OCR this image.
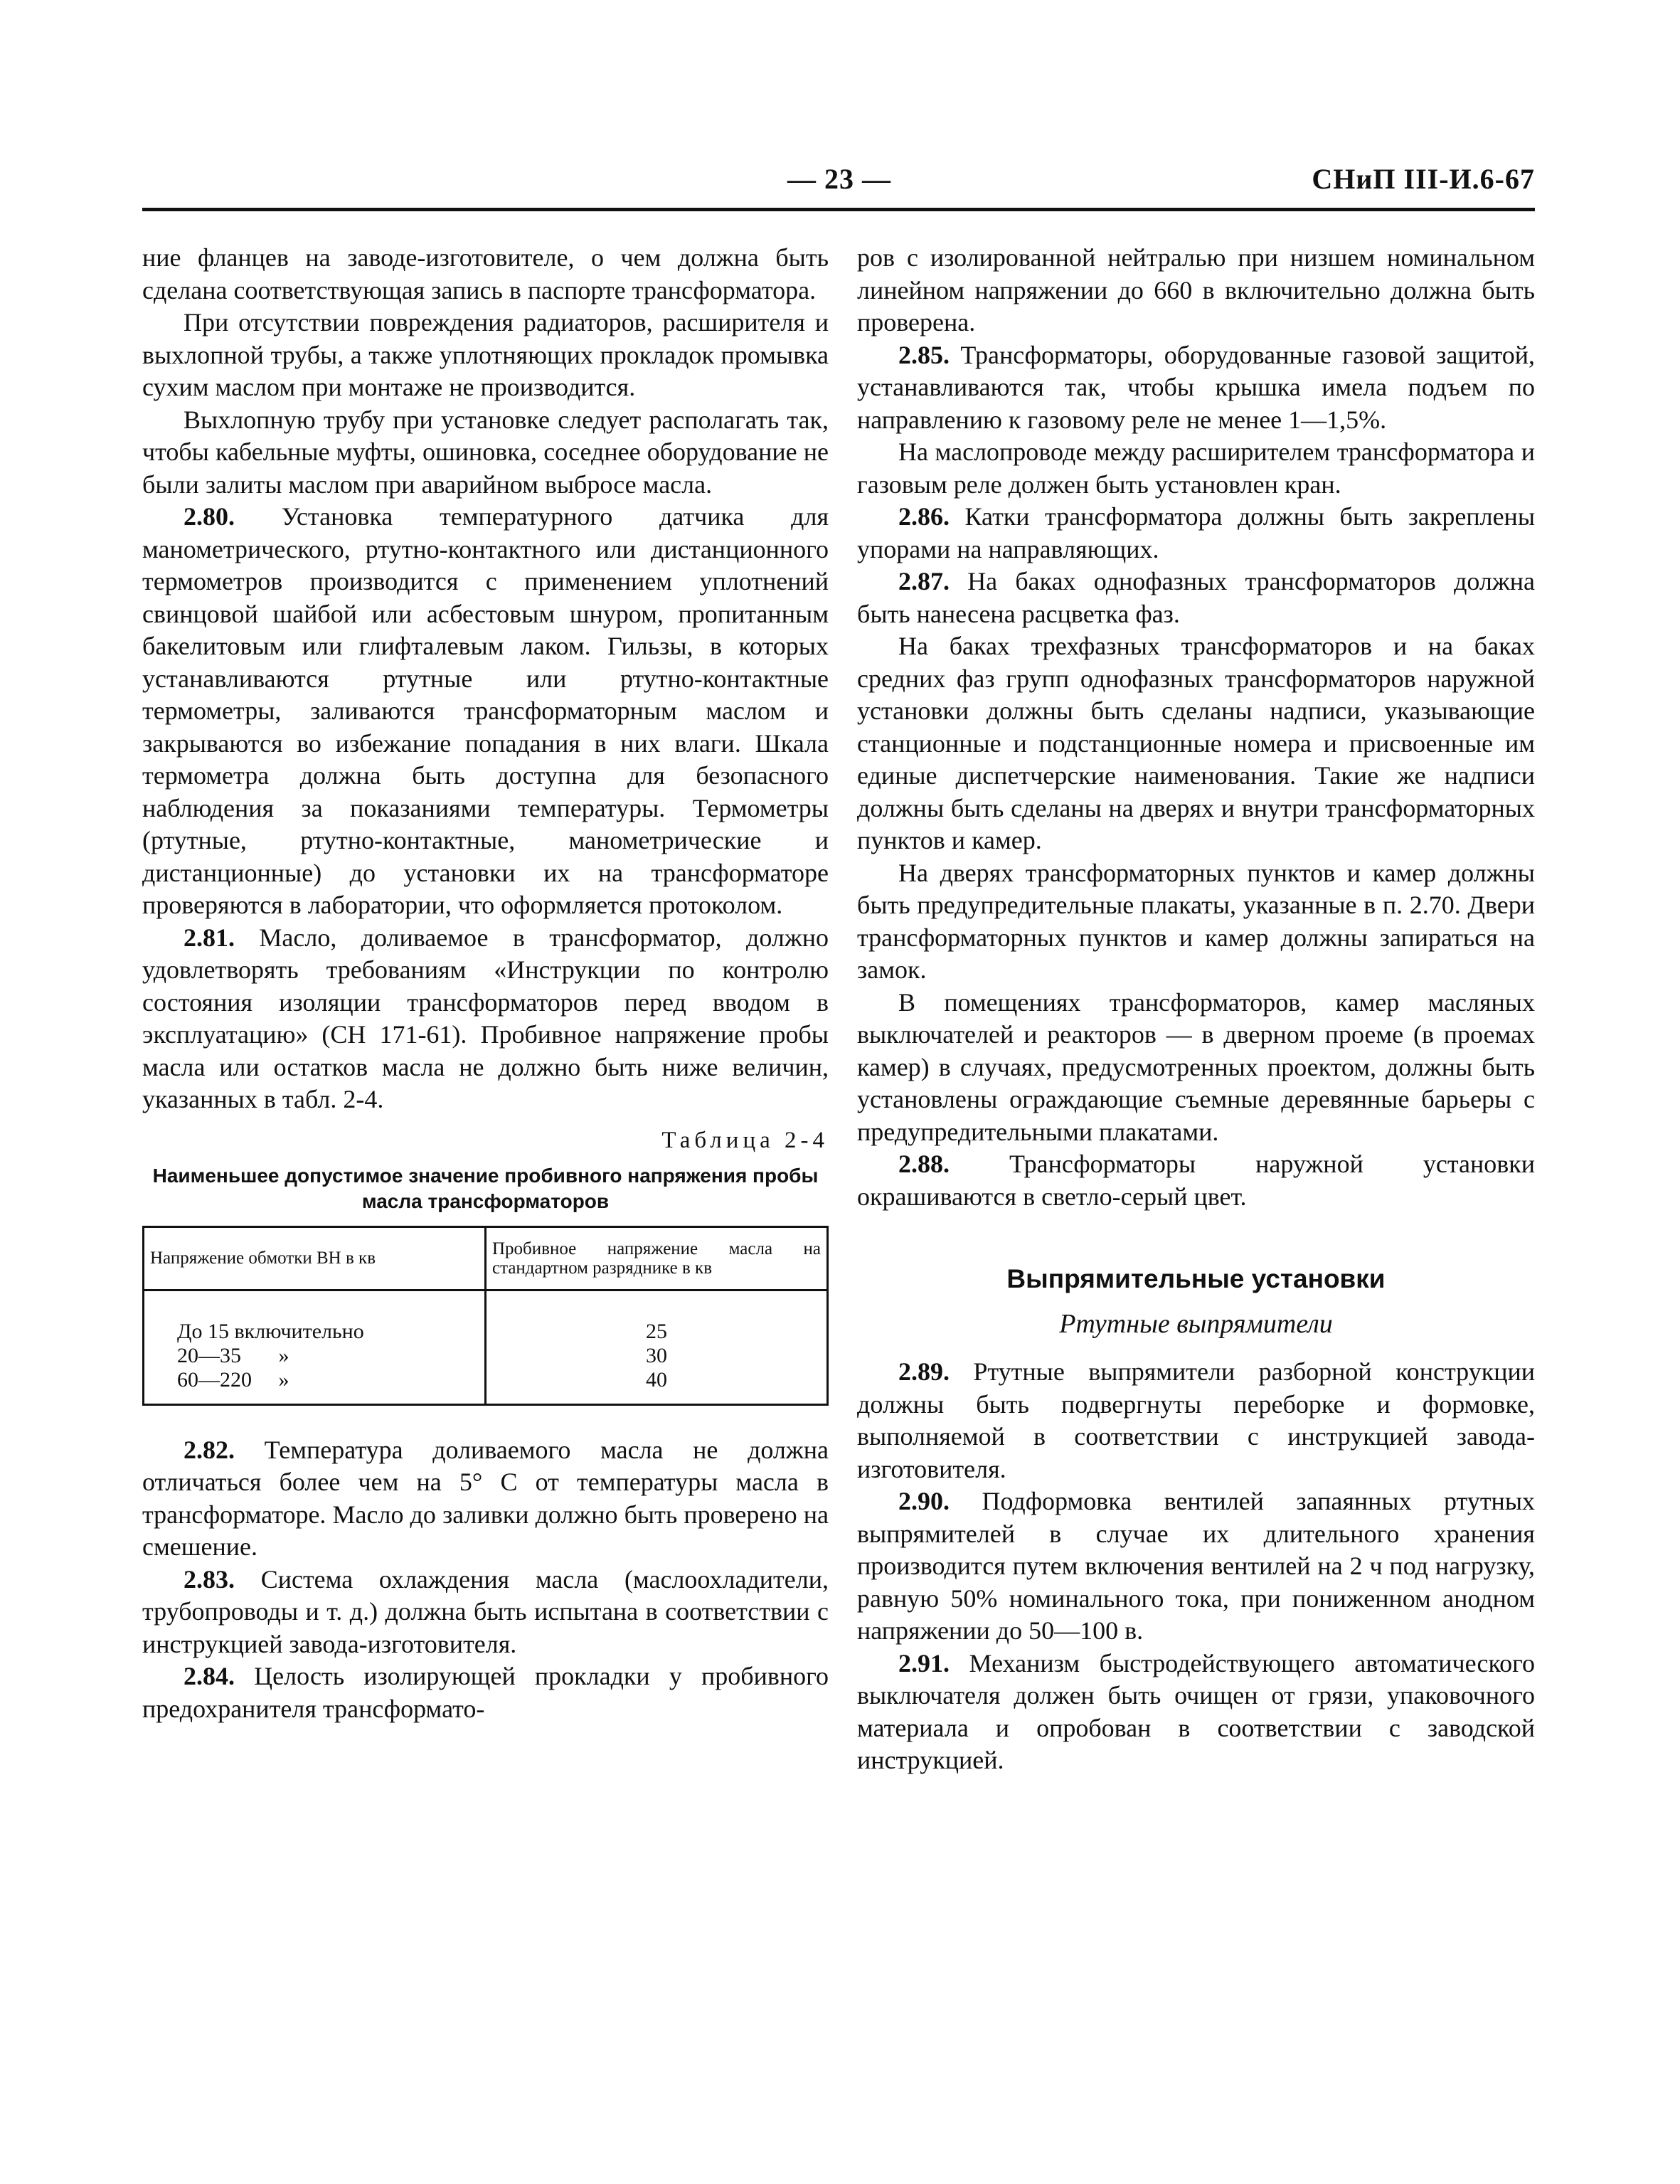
— 23 —	СНиП III-И.6-67

ние фланцев на заводе-изготовителе, о чем должна быть сделана соответствующая запись в паспорте трансформатора.

При отсутствии повреждения радиаторов, расширителя и выхлопной трубы, а также уплотняющих прокладок промывка сухим маслом при монтаже не производится.

Выхлопную трубу при установке следует располагать так, чтобы кабельные муфты, ошиновка, соседнее оборудование не были залиты маслом при аварийном выбросе масла.

2.80. Установка температурного датчика для манометрического, ртутно-контактного или дистанционного термометров производится с применением уплотнений свинцовой шайбой или асбестовым шнуром, пропитанным бакелитовым или глифталевым лаком. Гильзы, в которых устанавливаются ртутные или ртутно-контактные термометры, заливаются трансформаторным маслом и закрываются во избежание попадания в них влаги. Шкала термометра должна быть доступна для безопасного наблюдения за показаниями температуры. Термометры (ртутные, ртутно-контактные, манометрические и дистанционные) до установки их на трансформаторе проверяются в лаборатории, что оформляется протоколом.

2.81. Масло, доливаемое в трансформатор, должно удовлетворять требованиям «Инструкции по контролю состояния изоляции трансформаторов перед вводом в эксплуатацию» (СН 171-61). Пробивное напряжение пробы масла или остатков масла не должно быть ниже величин, указанных в табл. 2-4.

Таблица 2-4
Наименьшее допустимое значение пробивного напряжения пробы масла трансформаторов
Напряжение обмотки ВН в кв	Пробивное напряжение масла на стандартном разряднике в кв
До 15 включительно	25
20—35       »	30
60—220     »	40

2.82. Температура доливаемого масла не должна отличаться более чем на 5° С от температуры масла в трансформаторе. Масло до заливки должно быть проверено на смешение.

2.83. Система охлаждения масла (маслоохладители, трубопроводы и т. д.) должна быть испытана в соответствии с инструкцией завода-изготовителя.

2.84. Целость изолирующей прокладки у пробивного предохранителя трансформато-

ров с изолированной нейтралью при низшем номинальном линейном напряжении до 660 в включительно должна быть проверена.

2.85. Трансформаторы, оборудованные газовой защитой, устанавливаются так, чтобы крышка имела подъем по направлению к газовому реле не менее 1—1,5%.

На маслопроводе между расширителем трансформатора и газовым реле должен быть установлен кран.

2.86. Катки трансформатора должны быть закреплены упорами на направляющих.

2.87. На баках однофазных трансформаторов должна быть нанесена расцветка фаз.

На баках трехфазных трансформаторов и на баках средних фаз групп однофазных трансформаторов наружной установки должны быть сделаны надписи, указывающие станционные и подстанционные номера и присвоенные им единые диспетчерские наименования. Такие же надписи должны быть сделаны на дверях и внутри трансформаторных пунктов и камер.

На дверях трансформаторных пунктов и камер должны быть предупредительные плакаты, указанные в п. 2.70. Двери трансформаторных пунктов и камер должны запираться на замок.

В помещениях трансформаторов, камер масляных выключателей и реакторов — в дверном проеме (в проемах камер) в случаях, предусмотренных проектом, должны быть установлены ограждающие съемные деревянные барьеры с предупредительными плакатами.

2.88. Трансформаторы наружной установки окрашиваются в светло-серый цвет.

Выпрямительные установки
Ртутные выпрямители

2.89. Ртутные выпрямители разборной конструкции должны быть подвергнуты переборке и формовке, выполняемой в соответствии с инструкцией завода-изготовителя.

2.90. Подформовка вентилей запаянных ртутных выпрямителей в случае их длительного хранения производится путем включения вентилей на 2 ч под нагрузку, равную 50% номинального тока, при пониженном анодном напряжении до 50—100 в.

2.91. Механизм быстродействующего автоматического выключателя должен быть очищен от грязи, упаковочного материала и опробован в соответствии с заводской инструкцией.
